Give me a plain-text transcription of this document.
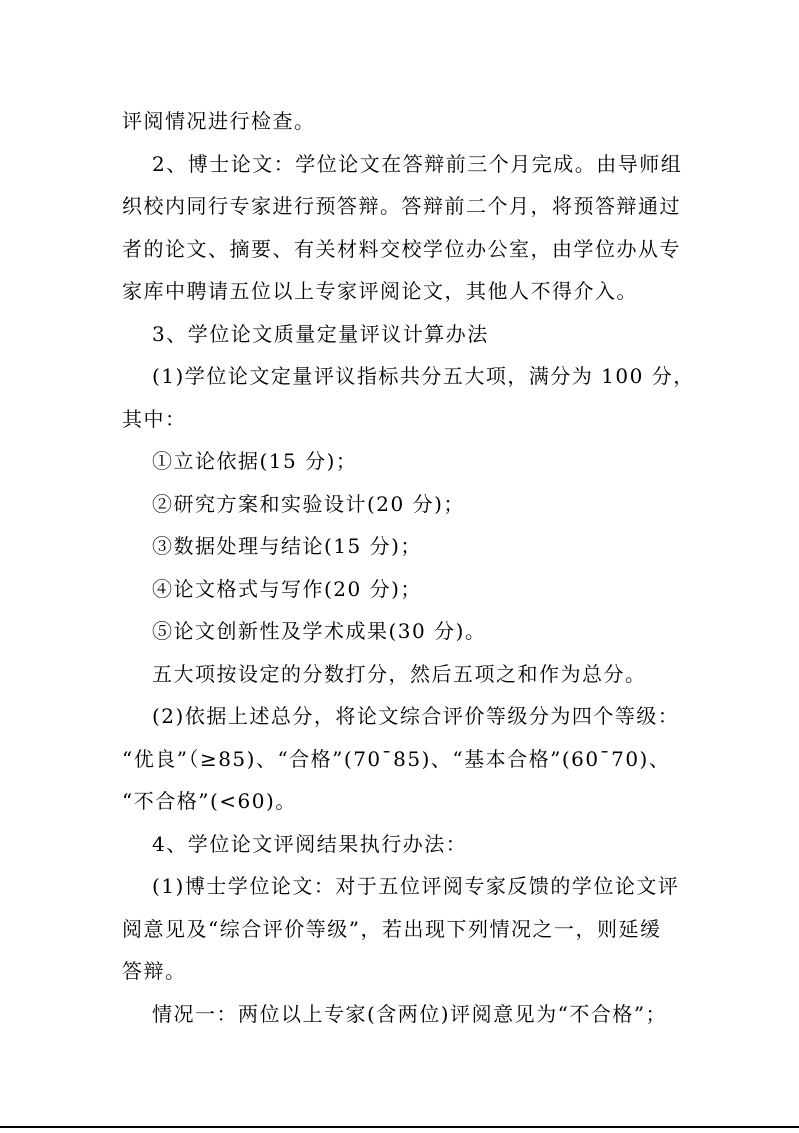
评阅情况进行检查。
2、博士论文：学位论文在答辩前三个月完成。由导师组
织校内同行专家进行预答辩。答辩前二个月，将预答辩通过
者的论文、摘要、有关材料交校学位办公室，由学位办从专
家库中聘请五位以上专家评阅论文，其他人不得介入。
3、学位论文质量定量评议计算办法
(1)学位论文定量评议指标共分五大项，满分为 100 分，
其中：
①立论依据(15 分)；
②研究方案和实验设计(20 分)；
③数据处理与结论(15 分)；
④论文格式与写作(20 分)；
⑤论文创新性及学术成果(30 分)。
五大项按设定的分数打分，然后五项之和作为总分。
(2)依据上述总分，将论文综合评价等级分为四个等级：
“优良”（≥85)、“合格”(70¯85)、“基本合格”(60¯70)、
“不合格”(<60)。
4、学位论文评阅结果执行办法：
(1)博士学位论文：对于五位评阅专家反馈的学位论文评
阅意见及“综合评价等级”，若出现下列情况之一，则延缓
答辩。
情况一：两位以上专家(含两位)评阅意见为“不合格”；
